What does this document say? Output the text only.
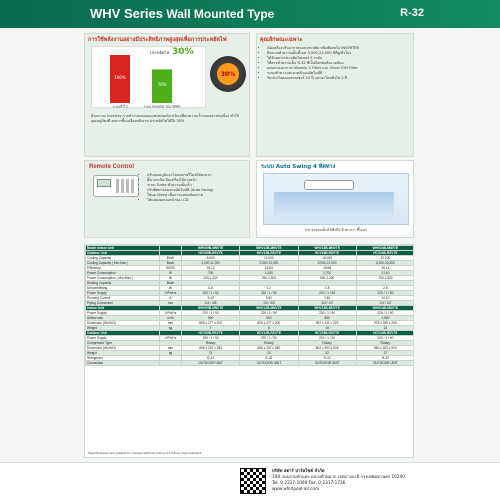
WHV Series Wall Mounted Type	R-32
การใช้พลังงานอย่างมีประสิทธิภาพสูงสุดเพื่อการประหยัดไฟ
100%
ระบบทั่วไป
70%
ระบบ Inverter ของ WHV
ประหยัดไฟ 30%
30%
ด้วยระบบ Inverter การทำงานของคอมเพรสเซอร์จะปรับเปลี่ยนความเร็วรอบอย่างต่อเนื่อง ทำให้อุณหภูมิคงที่ ลดการสิ้นเปลืองพลังงาน ประหยัดไฟได้ถึง 30%
คุณลักษณะเฉพาะ
• เปิดเครื่องปรับอากาศแบบประหยัด ชนิดพิเศษใน INVERTER
• มีขนาดทำความเย็นตั้งแต่ 9,000-22,000 บีทียู/ชั่วโมง
• ได้รับฉลากประหยัดไฟเบอร์ 5 ระดับ
• ใช้สารทำความเย็น R-32 ที่เป็นมิตรต่อสิ่งแวดล้อม
• แผ่นกรองอากาศ Vitamin C Filter และ Silver ION Filter
• ระบบทำความสะอาดตัวเองอัตโนมัติ
• รับประกันคอมเพรสเซอร์ 10 ปี และอะไหล่ทั่วไป 2 ปี
Remote Control
• ปรับอุณหภูมิและโหมดผ่านรีโมทได้สะดวก
• ตั้งเวลาเปิด-ปิดเครื่องได้ล่วงหน้า
• ระบบ Turbo ทำความเย็นเร็ว
• ปรับทิศทางลมแบบอัตโนมัติ (Auto Swing)
• โหมด Sleep เพื่อการนอนหลับสบาย
• ไฟแสดงผลบนหน้าจอ LCD
ระบบ Auto Swing 4 ทิศทาง
กระจายลมเย็นได้ทั่วถึง ซ้าย-ขวา ขึ้น-ลง
Model Indoor Unit		WHV09B-MNVTE	WHV12B-MNVTE	WHV18B-MNVTE	WHV24B-MNVTE
Outdoor Unit		HCV09B-RSVTE	HCV12B-RSVTE	HCV18B-RSVTE	HCV24B-RSVTE
Cooling Capacity	Btu/h	9,000	12,000	18,000	22,000
Cooling Capacity ( Min-Max )	Btu/h	3,000-11,000	3,000-13,000	5,000-21,000	6,100-23,500
Efficiency	SEER	19.12	15.84	15.68	16.11
Power Consumption	W	700	1,150	1,700	2,140
Power Consumption ( Min-Max )	W	200-1,200	250-1,400	500-2,300	700-2,500
Heating Capacity	Btu/h	-	-	-	-
Dehumidifying	l/h	0.8	1.2	1.8	2.5
Power Supply	V/Ph/Hz	220 / 1 / 50	220 / 1 / 50	220 / 1 / 50	220 / 1 / 50
Running Current	A	3.40	5.50	7.80	10.10
Piping Connection	mm	1/4 / 3/8	1/4 / 3/8	1/4 / 1/2	1/4 / 1/2
Indoor Unit		WHV09B-MNVTE	WHV12B-MNVTE	WHV18B-MNVTE	WHV24B-MNVTE
Power Supply	V/Ph/Hz	220 / 1 / 50	220 / 1 / 50	220 / 1 / 50	220 / 1 / 50
Airflow rate	m³/h	500	600	800	1,050
Dimension (WxHxD)	mm	805 x 277 x 200	805 x 277 x 200	957 x 311 x 225	978 x 339 x 250
Weight	kg	7	8	10	13
Outdoor Unit		HCV09B-RSVTE	HCV12B-RSVTE	HCV18B-RSVTE	HCV24B-RSVTE
Power Supply	V/Ph/Hz	220 / 1 / 50	220 / 1 / 50	220 / 1 / 50	220 / 1 / 50
Compressor Type		Rotary	Rotary	Rotary	Rotary
Dimension (WxHxD)	mm	665 x 257 x 280	665 x 257 x 280	802 x 302 x 535	860 x 302 x 540
Weight	kg	21	23	32	37
Refrigerant		R-32	R-32	R-32	R-32
Connection		OUTDOOR UNIT	OUTDOOR UNIT	OUTDOOR UNIT	OUTDOOR UNIT
Specifications are subject to change without notice for future improvement.
บริษัท สตาร์ ปาร์คไซค์ จำกัด
108 ถนนรามคำแหง แขวงหัวหมาก เขตบางกะปิ กรุงเทพมหานคร 10240
Tel. 0-2317-1000 Fax. 0-2317-1736
www.whirlpool-air.com
